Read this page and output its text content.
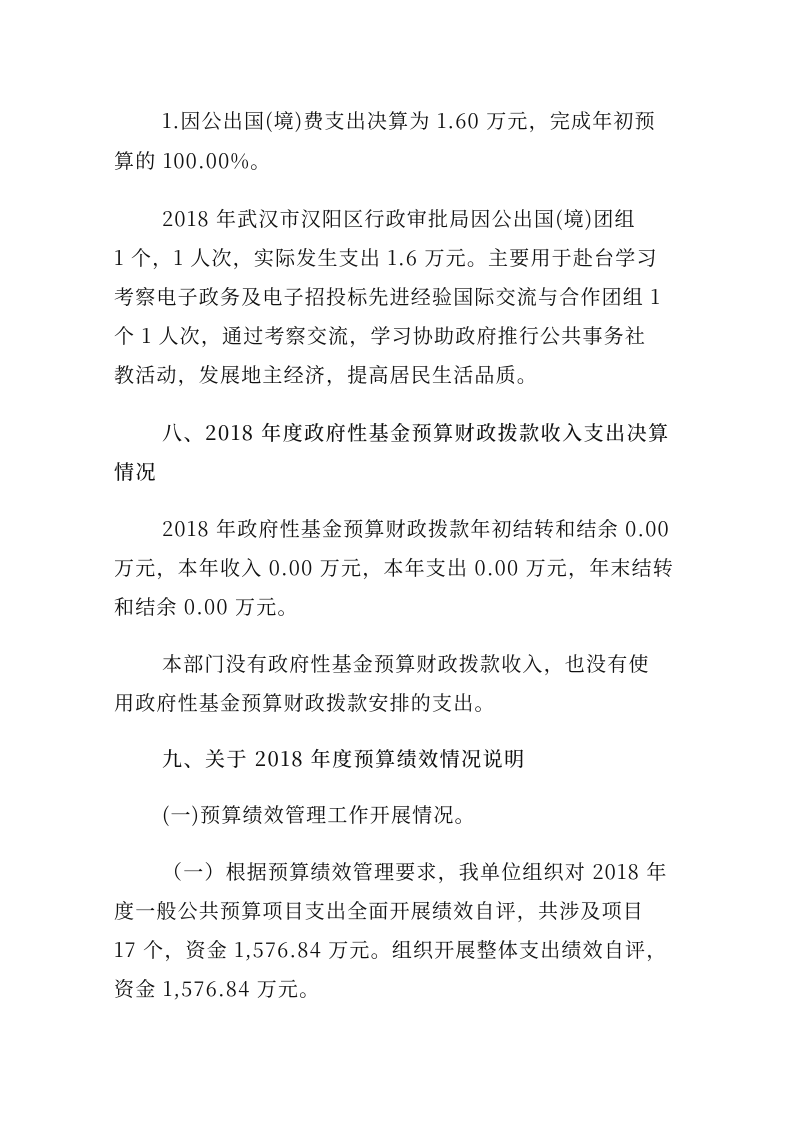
1.因公出国(境)费支出决算为 1.60 万元，完成年初预
算的 100.00%。
2018 年武汉市汉阳区行政审批局因公出国(境)团组
1 个，1 人次，实际发生支出 1.6 万元。主要用于赴台学习
考察电子政务及电子招投标先进经验国际交流与合作团组 1
个 1 人次，通过考察交流，学习协助政府推行公共事务社
教活动，发展地主经济，提高居民生活品质。
八、2018 年度政府性基金预算财政拨款收入支出决算
情况
2018 年政府性基金预算财政拨款年初结转和结余 0.00
万元，本年收入 0.00 万元，本年支出 0.00 万元，年末结转
和结余 0.00 万元。
本部门没有政府性基金预算财政拨款收入，也没有使
用政府性基金预算财政拨款安排的支出。
九、关于 2018 年度预算绩效情况说明
(一)预算绩效管理工作开展情况。
（一）根据预算绩效管理要求，我单位组织对 2018 年
度一般公共预算项目支出全面开展绩效自评，共涉及项目
17 个，资金 1,576.84 万元。组织开展整体支出绩效自评，
资金 1,576.84 万元。
